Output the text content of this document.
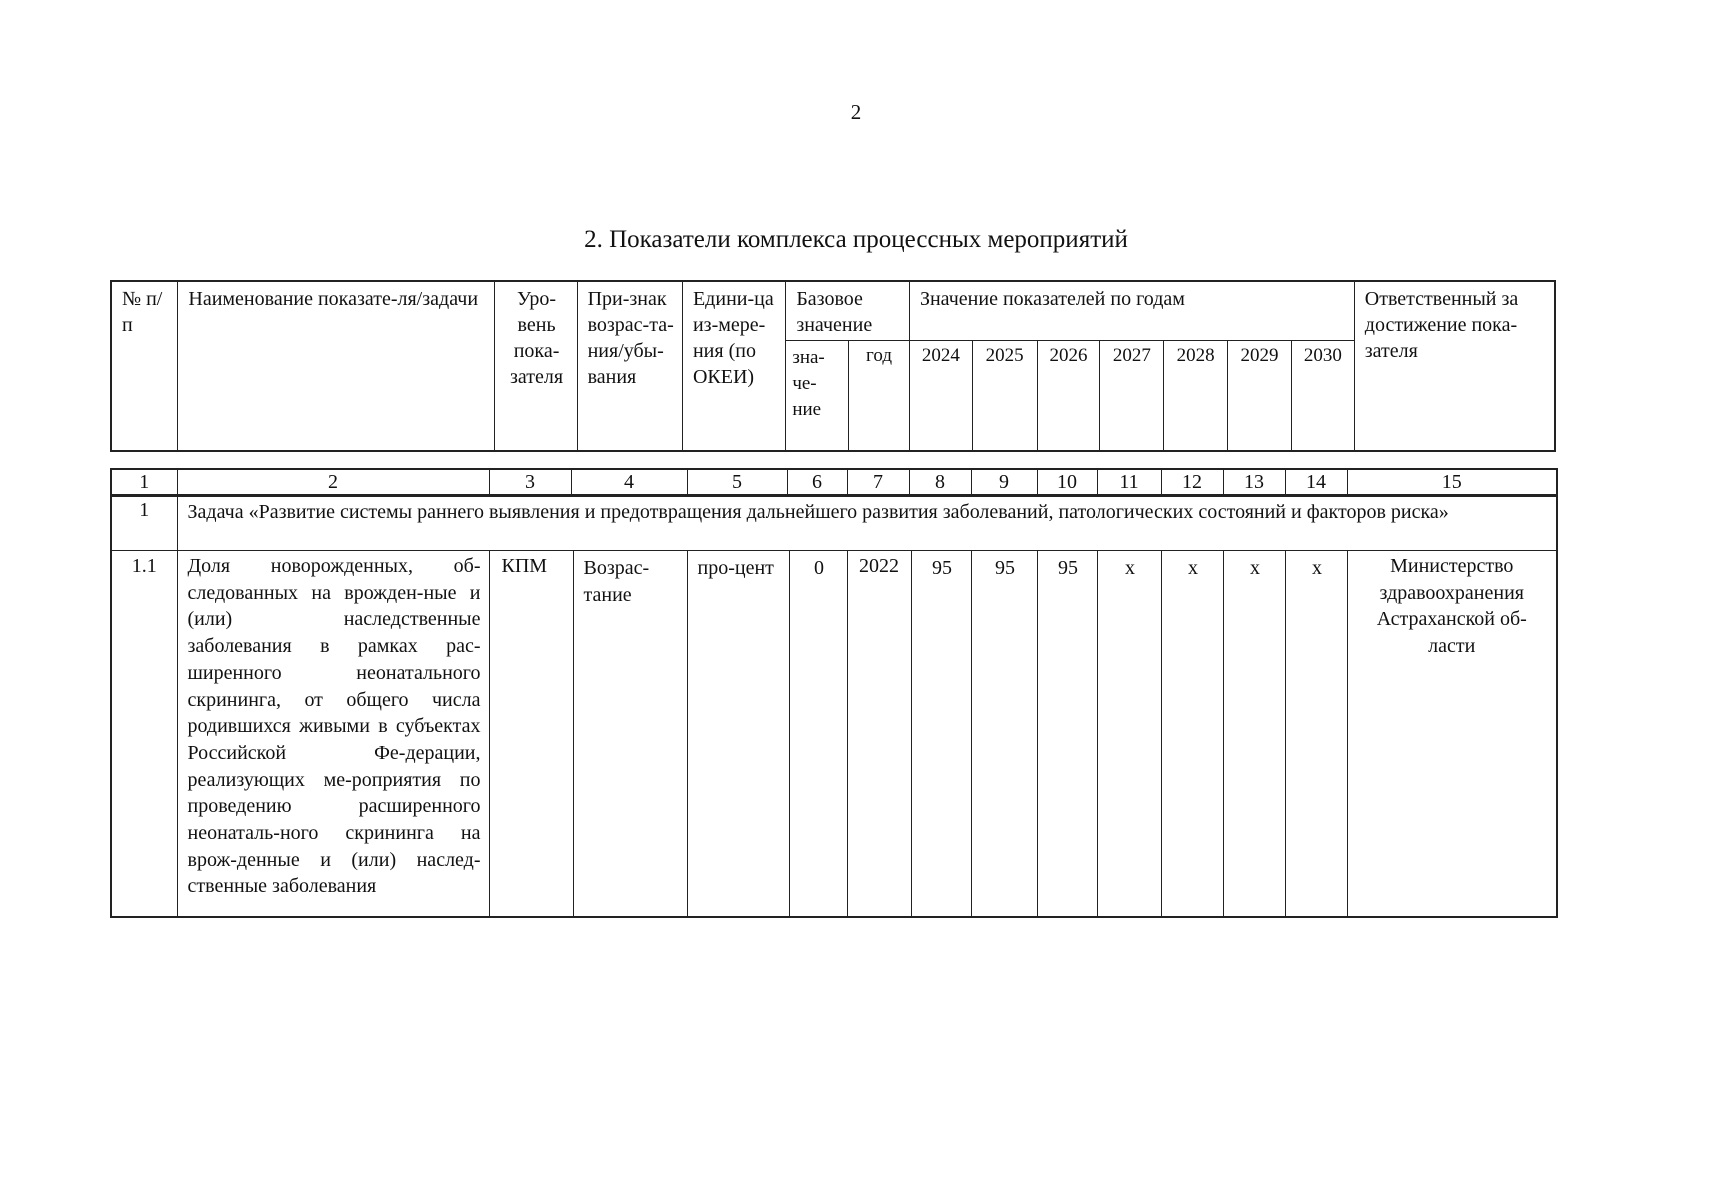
2
2. Показатели комплекса процессных мероприятий
№ п/п	Наименование показате-ля/задачи	Уро-вень пока-зателя	При-знак возрас-та-ния/убы-вания	Едини-ца из-мере-ния (по ОКЕИ)	Базовое значение		Значение показателей по годам							Ответственный за достижение пока-зателя
					зна-че-ние	год	2024	2025	2026	2027	2028	2029	2030	
1	2	3	4	5	6	7	8	9	10	11	12	13	14	15
1	Задача «Развитие системы раннего выявления и предотвращения дальнейшего развития заболеваний, патологических состояний и факторов риска»													
1.1	Доля новорожденных, об-следованных на врожден-ные и (или) наследственные заболевания в рамках рас-ширенного неонатального скрининга, от общего числа родившихся живыми в субъектах Российской Фе-дерации, реализующих ме-роприятия по проведению расширенного неонаталь-ного скрининга на врож-денные и (или) наслед-ственные заболевания	КПМ	Возрас-тание	про-цент	0	2022	95	95	95	х	х	х	х	Министерство здравоохранения Астраханской об-ласти
